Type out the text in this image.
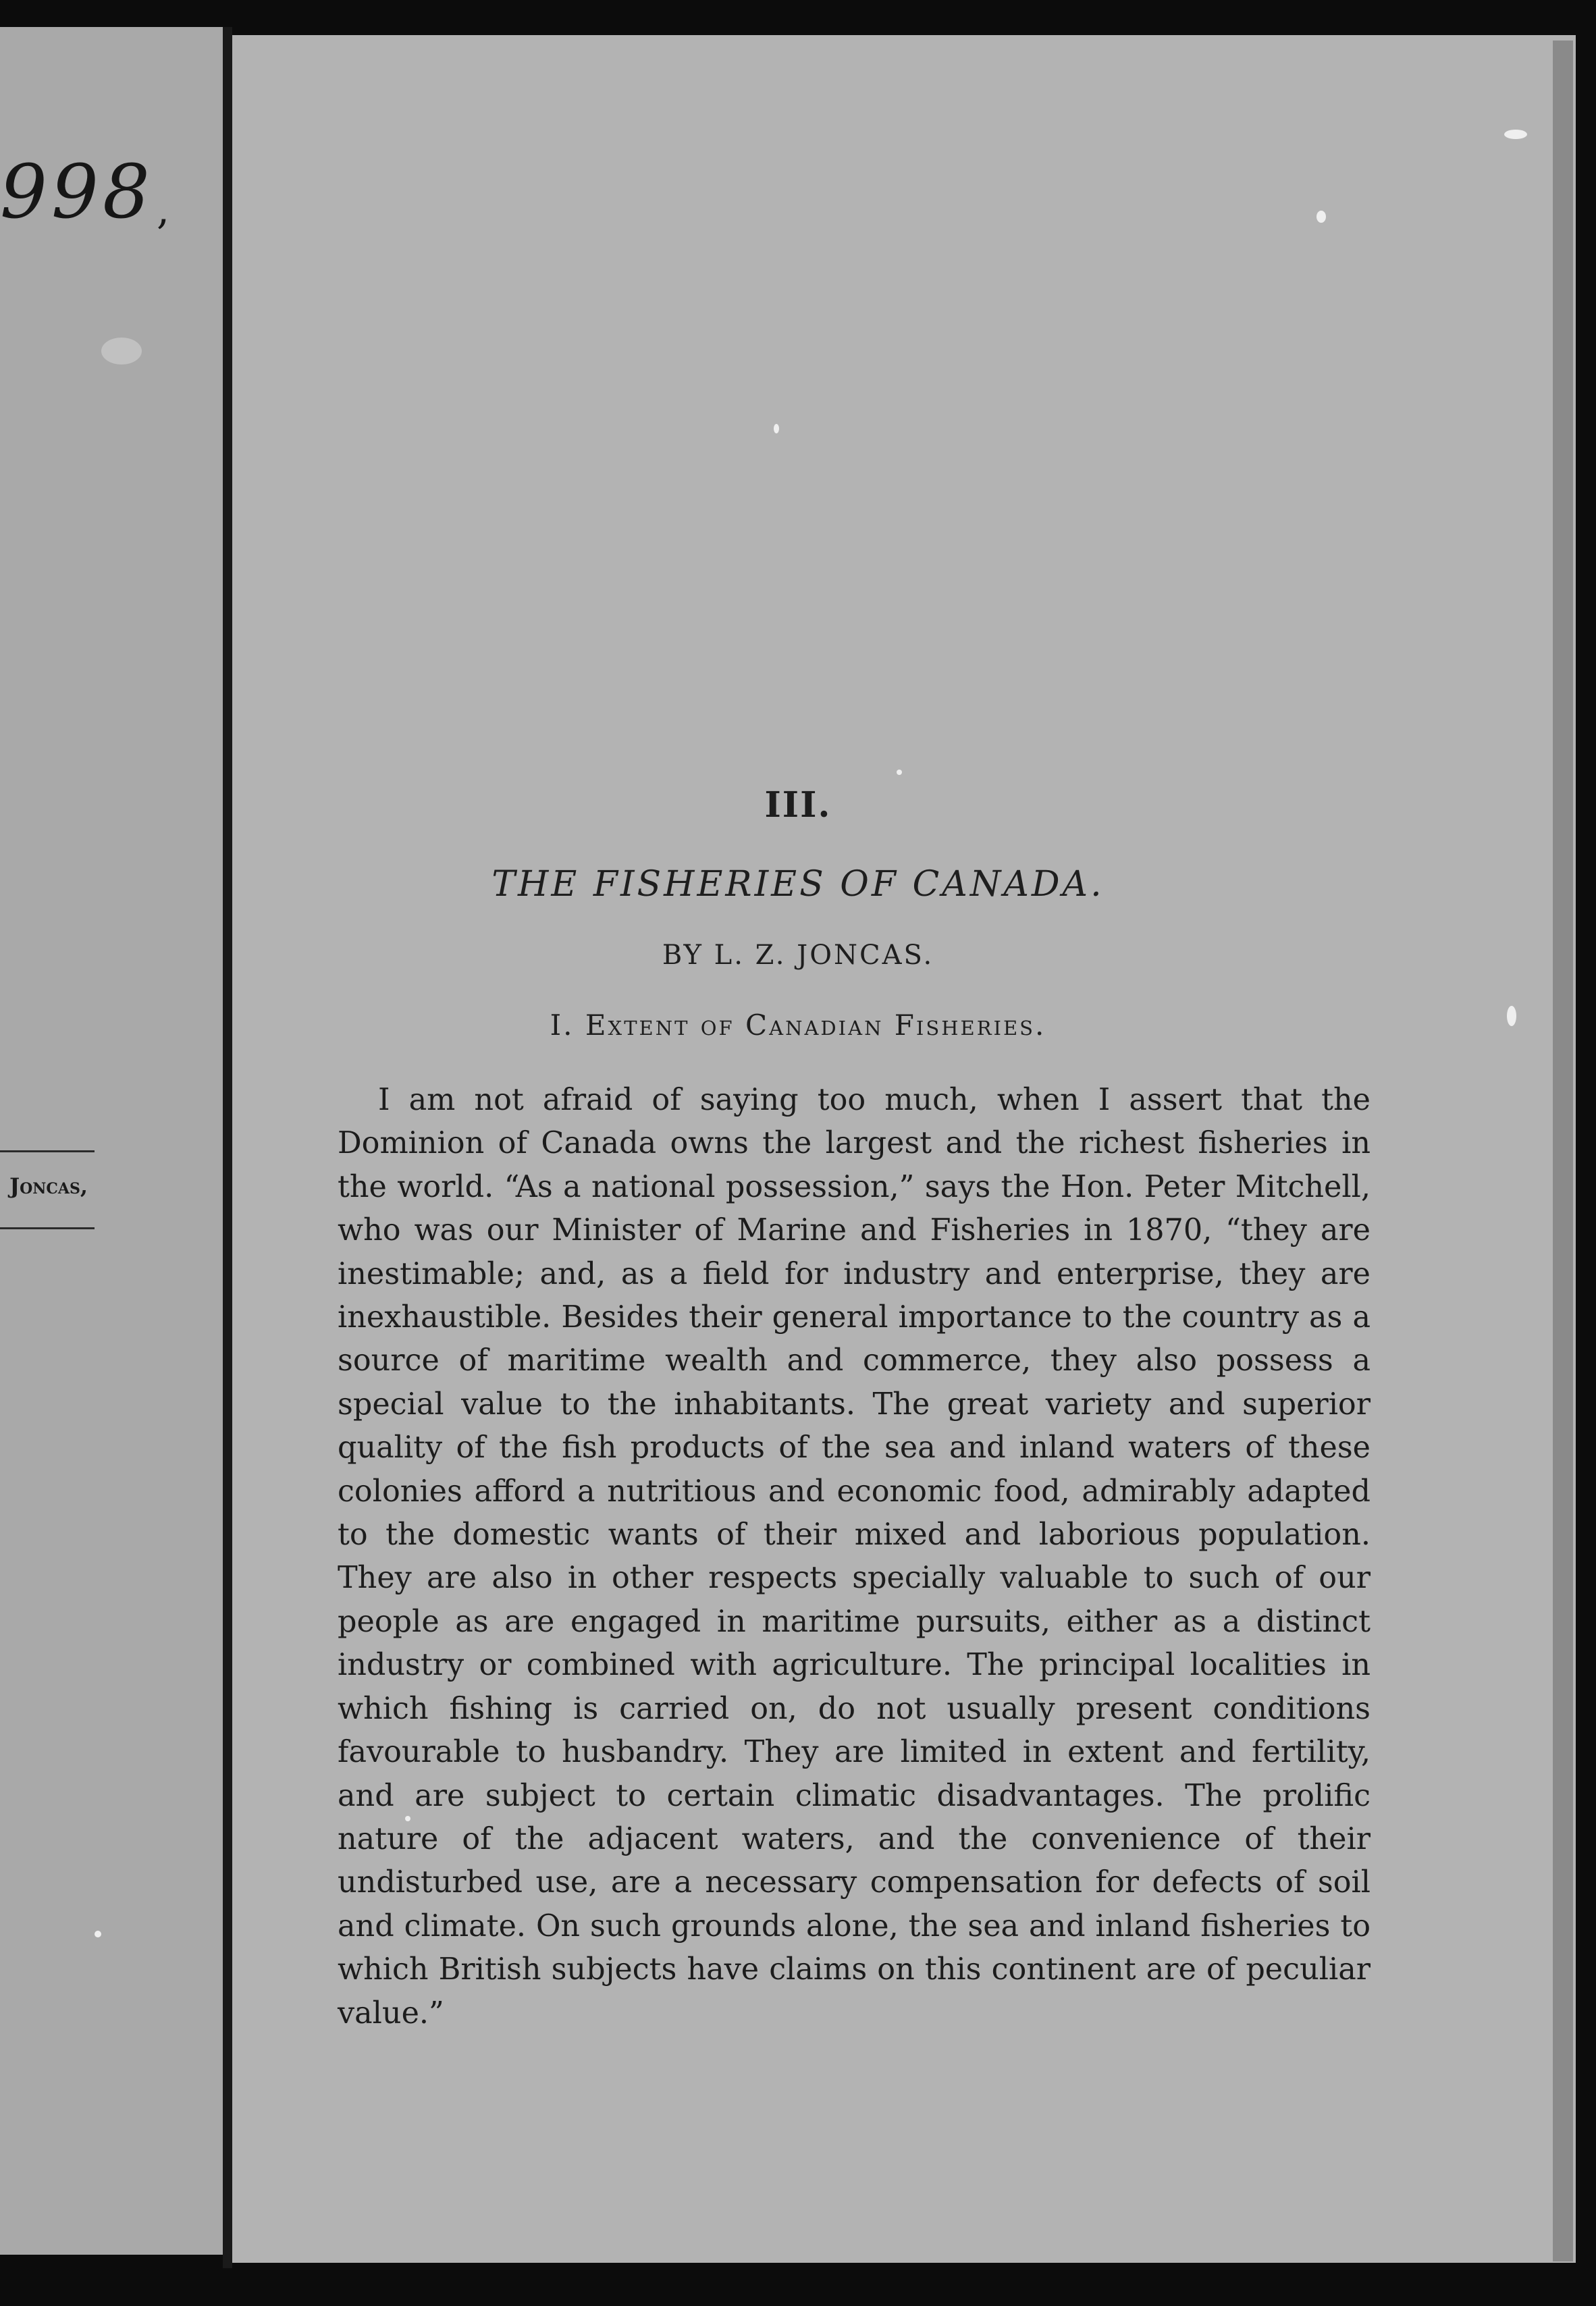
998 ,
Joncas,
III.
THE FISHERIES OF CANADA.
BY L. Z. JONCAS.
I. Extent of Canadian Fisheries.

I am not afraid of saying too much, when I assert that the Dominion of Canada owns the largest and the richest fisheries in the world. “As a national possession,” says the Hon. Peter Mitchell, who was our Minister of Marine and Fisheries in 1870, “they are inestimable; and, as a field for industry and enterprise, they are inexhaustible. Besides their general importance to the country as a source of maritime wealth and commerce, they also possess a special value to the inhabitants. The great variety and superior quality of the fish products of the sea and inland waters of these colonies afford a nutritious and economic food, admirably adapted to the domestic wants of their mixed and laborious population. They are also in other respects specially valuable to such of our people as are engaged in maritime pursuits, either as a distinct industry or combined with agriculture. The principal localities in which fishing is carried on, do not usually present conditions favourable to husbandry. They are limited in extent and fertility, and are subject to certain climatic disadvantages. The prolific nature of the adjacent waters, and the convenience of their undisturbed use, are a necessary compensation for defects of soil and climate. On such grounds alone, the sea and inland fisheries to which British subjects have claims on this continent are of peculiar value.”
